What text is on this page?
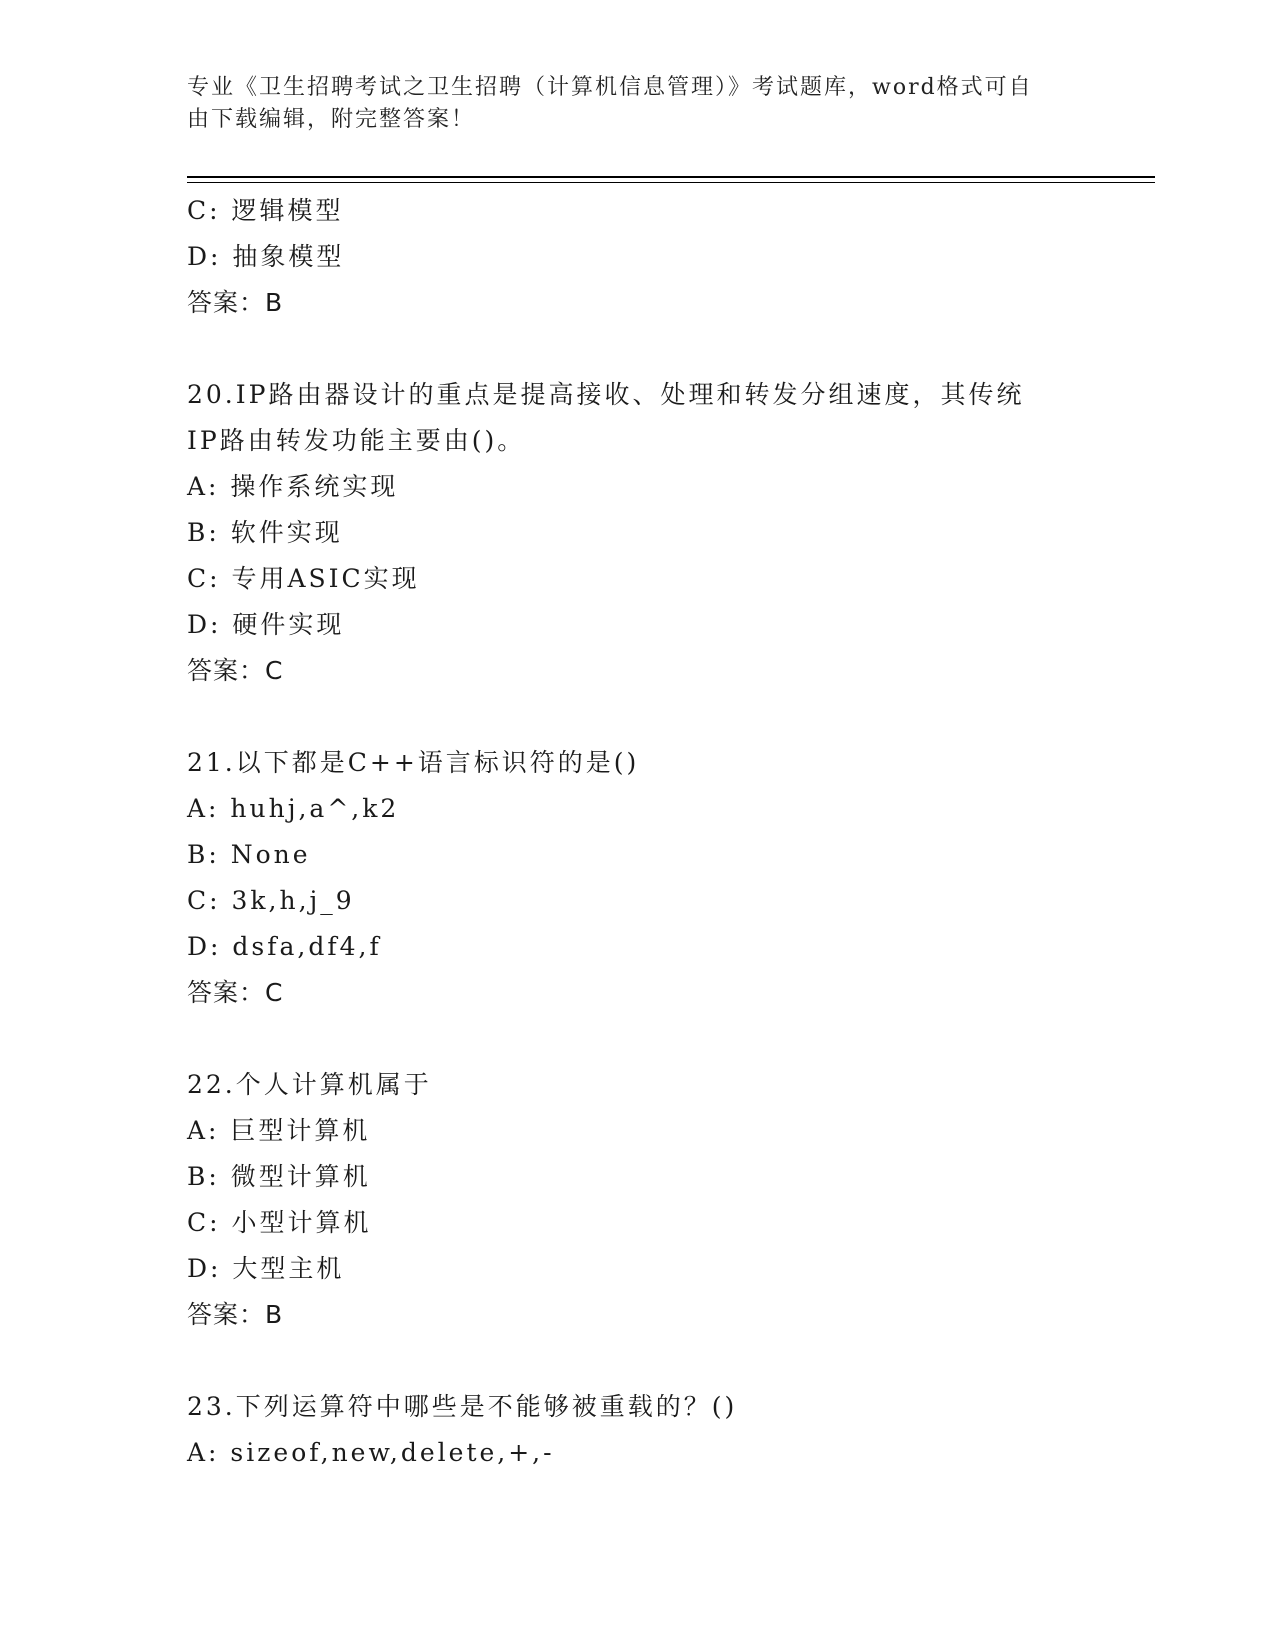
专业《卫生招聘考试之卫生招聘（计算机信息管理）》考试题库，word格式可自
由下载编辑，附完整答案！
C: 逻辑模型
D: 抽象模型
答案：B
20.IP路由器设计的重点是提高接收、处理和转发分组速度，其传统
IP路由转发功能主要由()。
A: 操作系统实现
B: 软件实现
C: 专用ASIC实现
D: 硬件实现
答案：C
21.以下都是C++语言标识符的是()
A: huhj,a^,k2
B: None
C: 3k,h,j_9
D: dsfa,df4,f
答案：C
22.个人计算机属于
A: 巨型计算机
B: 微型计算机
C: 小型计算机
D: 大型主机
答案：B
23.下列运算符中哪些是不能够被重载的？()
A: sizeof,new,delete,+,-
